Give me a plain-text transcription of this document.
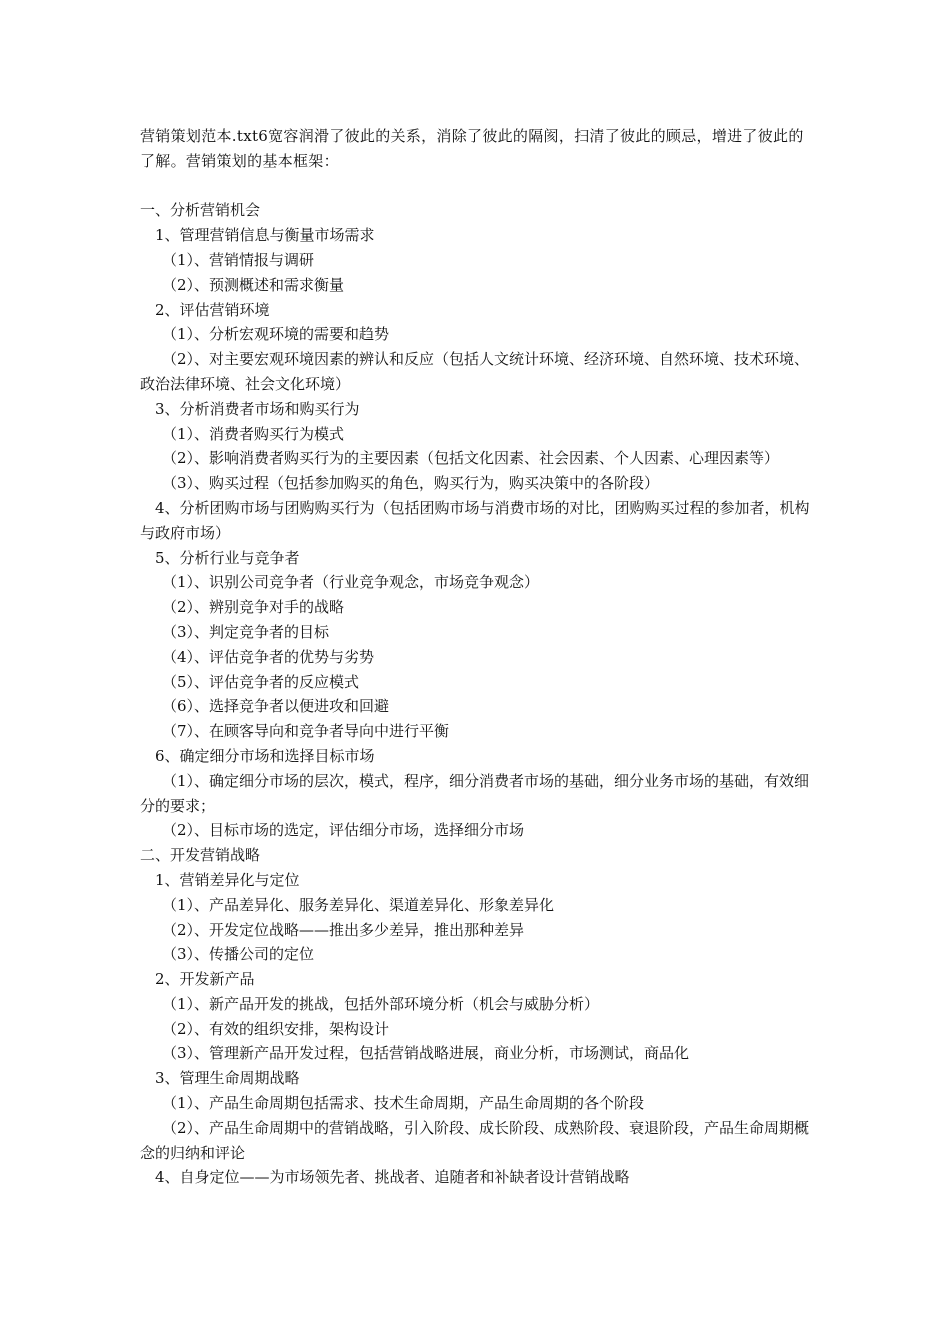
营销策划范本.txt6宽容润滑了彼此的关系，消除了彼此的隔阂，扫清了彼此的顾忌，增进了彼此的了解。营销策划的基本框架：

一、分析营销机会

1、管理营销信息与衡量市场需求

（1）、营销情报与调研

（2）、预测概述和需求衡量

2、评估营销环境

（1）、分析宏观环境的需要和趋势

（2）、对主要宏观环境因素的辨认和反应（包括人文统计环境、经济环境、自然环境、技术环境、政治法律环境、社会文化环境）

3、分析消费者市场和购买行为

（1）、消费者购买行为模式

（2）、影响消费者购买行为的主要因素（包括文化因素、社会因素、个人因素、心理因素等）

（3）、购买过程（包括参加购买的角色，购买行为，购买决策中的各阶段）

4、分析团购市场与团购购买行为（包括团购市场与消费市场的对比，团购购买过程的参加者，机构与政府市场）

5、分析行业与竞争者

（1）、识别公司竞争者（行业竞争观念，市场竞争观念）

（2）、辨别竞争对手的战略

（3）、判定竞争者的目标

（4）、评估竞争者的优势与劣势

（5）、评估竞争者的反应模式

（6）、选择竞争者以便进攻和回避

（7）、在顾客导向和竞争者导向中进行平衡

6、确定细分市场和选择目标市场

（1）、确定细分市场的层次，模式，程序，细分消费者市场的基础，细分业务市场的基础，有效细分的要求；

（2）、目标市场的选定，评估细分市场，选择细分市场

二、开发营销战略

1、营销差异化与定位

（1）、产品差异化、服务差异化、渠道差异化、形象差异化

（2）、开发定位战略——推出多少差异，推出那种差异

（3）、传播公司的定位

2、开发新产品

（1）、新产品开发的挑战，包括外部环境分析（机会与威胁分析）

（2）、有效的组织安排，架构设计

（3）、管理新产品开发过程，包括营销战略进展，商业分析，市场测试，商品化

3、管理生命周期战略

（1）、产品生命周期包括需求、技术生命周期，产品生命周期的各个阶段

（2）、产品生命周期中的营销战略，引入阶段、成长阶段、成熟阶段、衰退阶段，产品生命周期概念的归纳和评论

4、自身定位——为市场领先者、挑战者、追随者和补缺者设计营销战略
